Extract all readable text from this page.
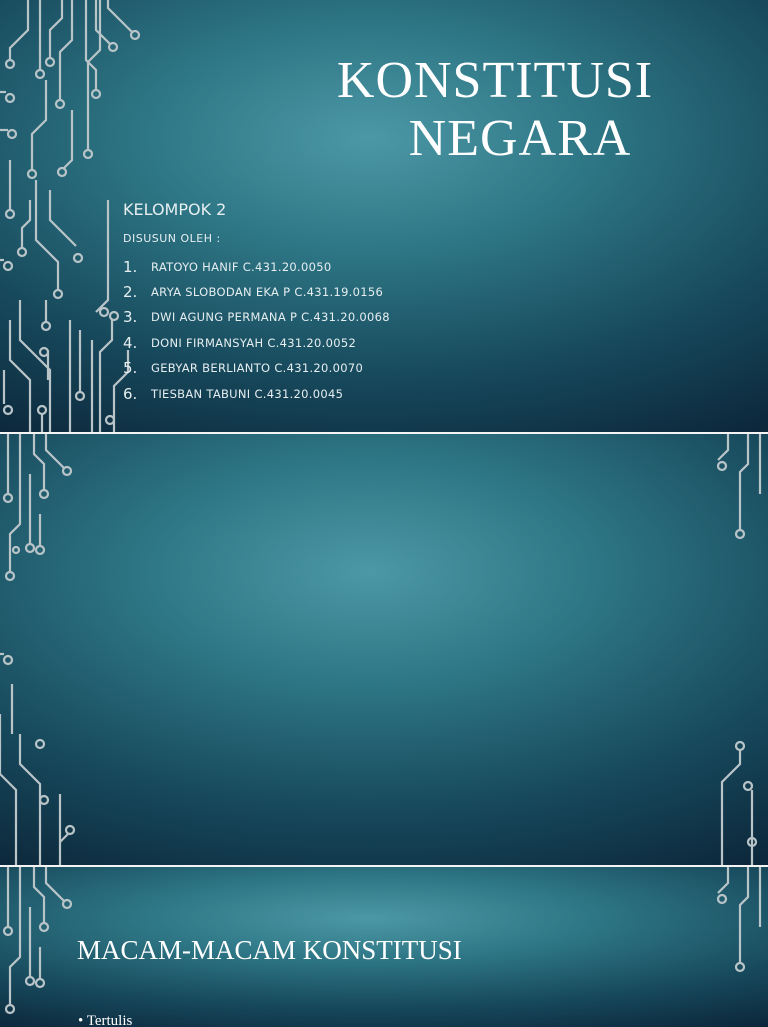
KONSTITUSI
NEGARA
KELOMPOK 2
DISUSUN OLEH :
1.	RATOYO HANIF C.431.20.0050
2.	ARYA SLOBODAN EKA P C.431.19.0156
3.	DWI AGUNG PERMANA P C.431.20.0068
4.	DONI FIRMANSYAH C.431.20.0052
5.	GEBYAR BERLIANTO C.431.20.0070
6.	TIESBAN TABUNI C.431.20.0045
MACAM-MACAM KONSTITUSI
• Tertulis
